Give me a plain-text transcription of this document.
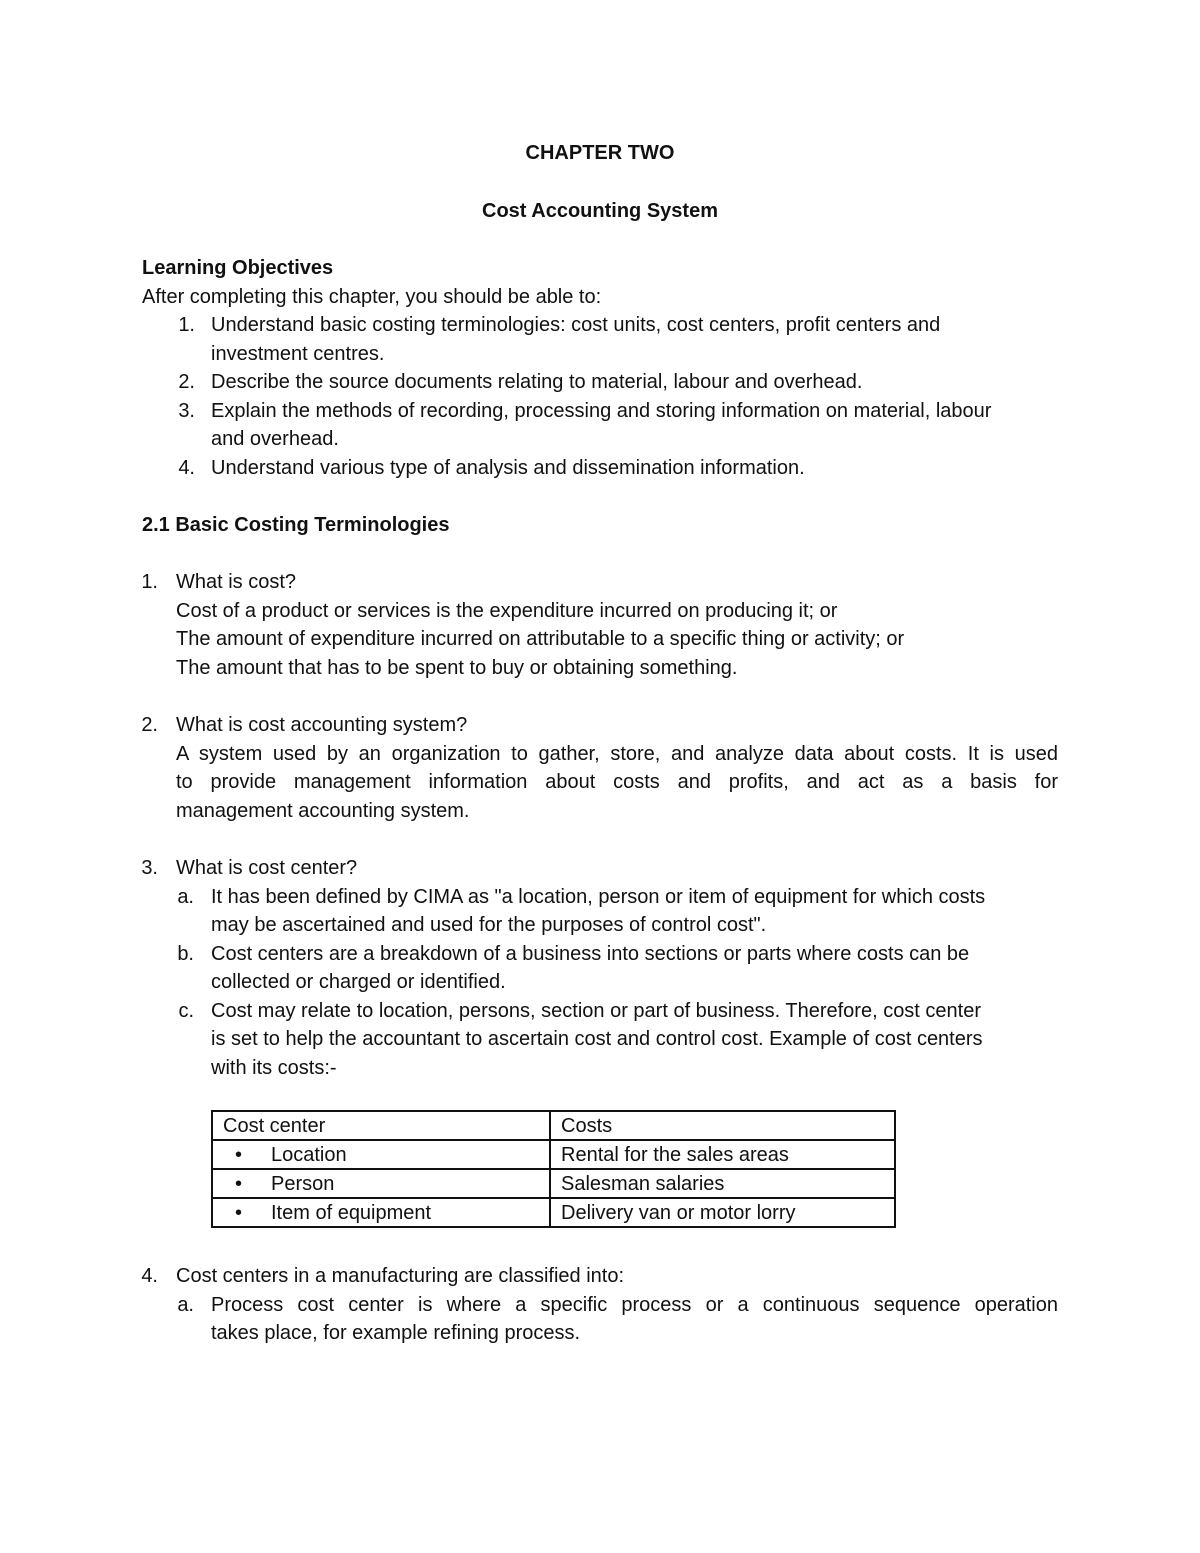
CHAPTER TWO
Cost Accounting System
Learning Objectives
After completing this chapter, you should be able to:
1. Understand basic costing terminologies: cost units, cost centers, profit centers and
investment centres.
2. Describe the source documents relating to material, labour and overhead.
3. Explain the methods of recording, processing and storing information on material, labour
and overhead.
4. Understand various type of analysis and dissemination information.
2.1 Basic Costing Terminologies
1. What is cost?
Cost of a product or services is the expenditure incurred on producing it; or
The amount of expenditure incurred on attributable to a specific thing or activity; or
The amount that has to be spent to buy or obtaining something.
2. What is cost accounting system?
A system used by an organization to gather, store, and analyze data about costs. It is used
to provide management information about costs and profits, and act as a basis for
management accounting system.
3. What is cost center?
a. It has been defined by CIMA as "a location, person or item of equipment for which costs
may be ascertained and used for the purposes of control cost".
b. Cost centers are a breakdown of a business into sections or parts where costs can be
collected or charged or identified.
c. Cost may relate to location, persons, section or part of business. Therefore, cost center
is set to help the accountant to ascertain cost and control cost. Example of cost centers
with its costs:-
Cost center	Costs
• Location	Rental for the sales areas
• Person	Salesman salaries
• Item of equipment	Delivery van or motor lorry
4. Cost centers in a manufacturing are classified into:
a. Process cost center is where a specific process or a continuous sequence operation
takes place, for example refining process.
